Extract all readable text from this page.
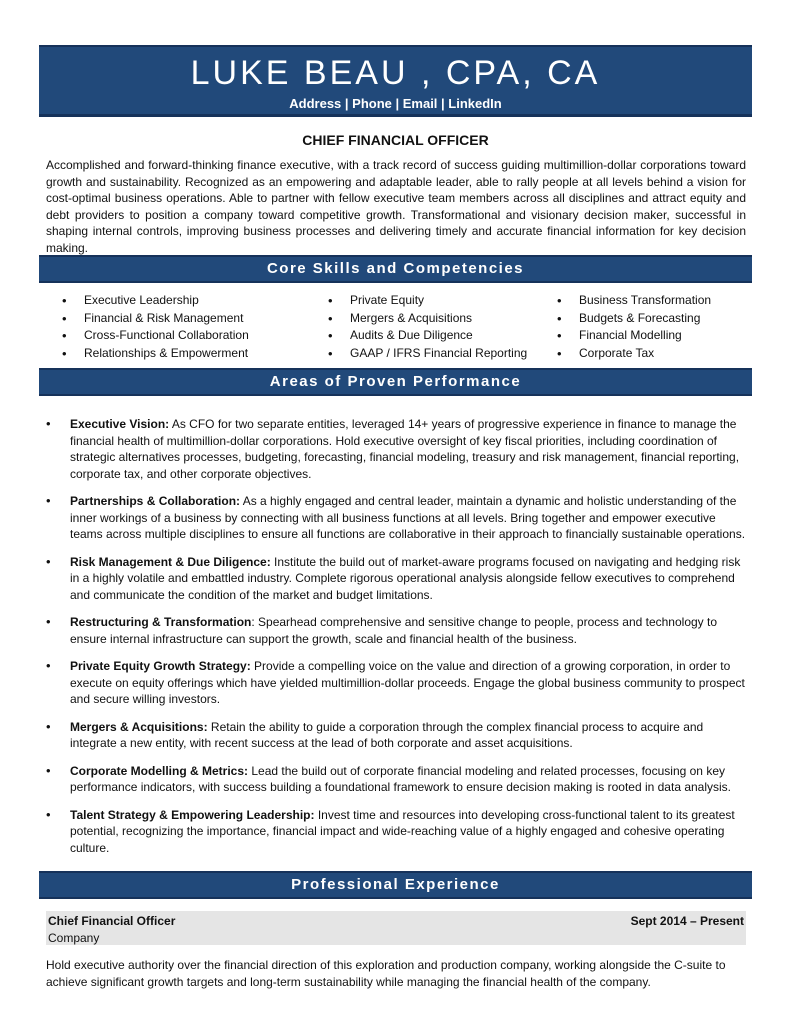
LUKE BEAU , CPA, CA
Address | Phone | Email | LinkedIn
CHIEF FINANCIAL OFFICER

Accomplished and forward-thinking finance executive, with a track record of success guiding multimillion-dollar corporations toward growth and sustainability. Recognized as an empowering and adaptable leader, able to rally people at all levels behind a vision for cost-optimal business operations. Able to partner with fellow executive team members across all disciplines and attract equity and debt providers to position a company toward competitive growth. Transformational and visionary decision maker, successful in shaping internal controls, improving business processes and delivering timely and accurate financial information for key decision making.

Core Skills and Competencies
• Executive Leadership
• Financial & Risk Management
• Cross-Functional Collaboration
• Relationships & Empowerment
• Private Equity
• Mergers & Acquisitions
• Audits & Due Diligence
• GAAP / IFRS Financial Reporting
• Business Transformation
• Budgets & Forecasting
• Financial Modelling
• Corporate Tax
Areas of Proven Performance
• Executive Vision: As CFO for two separate entities, leveraged 14+ years of progressive experience in finance to manage the financial health of multimillion-dollar corporations. Hold executive oversight of key fiscal priorities, including coordination of strategic alternatives processes, budgeting, forecasting, financial modeling, treasury and risk management, financial reporting, corporate tax, and other corporate objectives.
• Partnerships & Collaboration: As a highly engaged and central leader, maintain a dynamic and holistic understanding of the inner workings of a business by connecting with all business functions at all levels. Bring together and empower executive teams across multiple disciplines to ensure all functions are collaborative in their approach to financially sustainable operations.
• Risk Management & Due Diligence: Institute the build out of market-aware programs focused on navigating and hedging risk in a highly volatile and embattled industry. Complete rigorous operational analysis alongside fellow executives to comprehend and communicate the condition of the market and budget limitations.
• Restructuring & Transformation: Spearhead comprehensive and sensitive change to people, process and technology to ensure internal infrastructure can support the growth, scale and financial health of the business.
• Private Equity Growth Strategy: Provide a compelling voice on the value and direction of a growing corporation, in order to execute on equity offerings which have yielded multimillion-dollar proceeds. Engage the global business community to prospect and secure willing investors.
• Mergers & Acquisitions: Retain the ability to guide a corporation through the complex financial process to acquire and integrate a new entity, with recent success at the lead of both corporate and asset acquisitions.
• Corporate Modelling & Metrics: Lead the build out of corporate financial modeling and related processes, focusing on key performance indicators, with success building a foundational framework to ensure decision making is rooted in data analysis.
• Talent Strategy & Empowering Leadership: Invest time and resources into developing cross-functional talent to its greatest potential, recognizing the importance, financial impact and wide-reaching value of a highly engaged and cohesive operating culture.
Professional Experience
Chief Financial Officer	Sept 2014 – Present
Company

Hold executive authority over the financial direction of this exploration and production company, working alongside the C-suite to achieve significant growth targets and long-term sustainability while managing the financial health of the company.
